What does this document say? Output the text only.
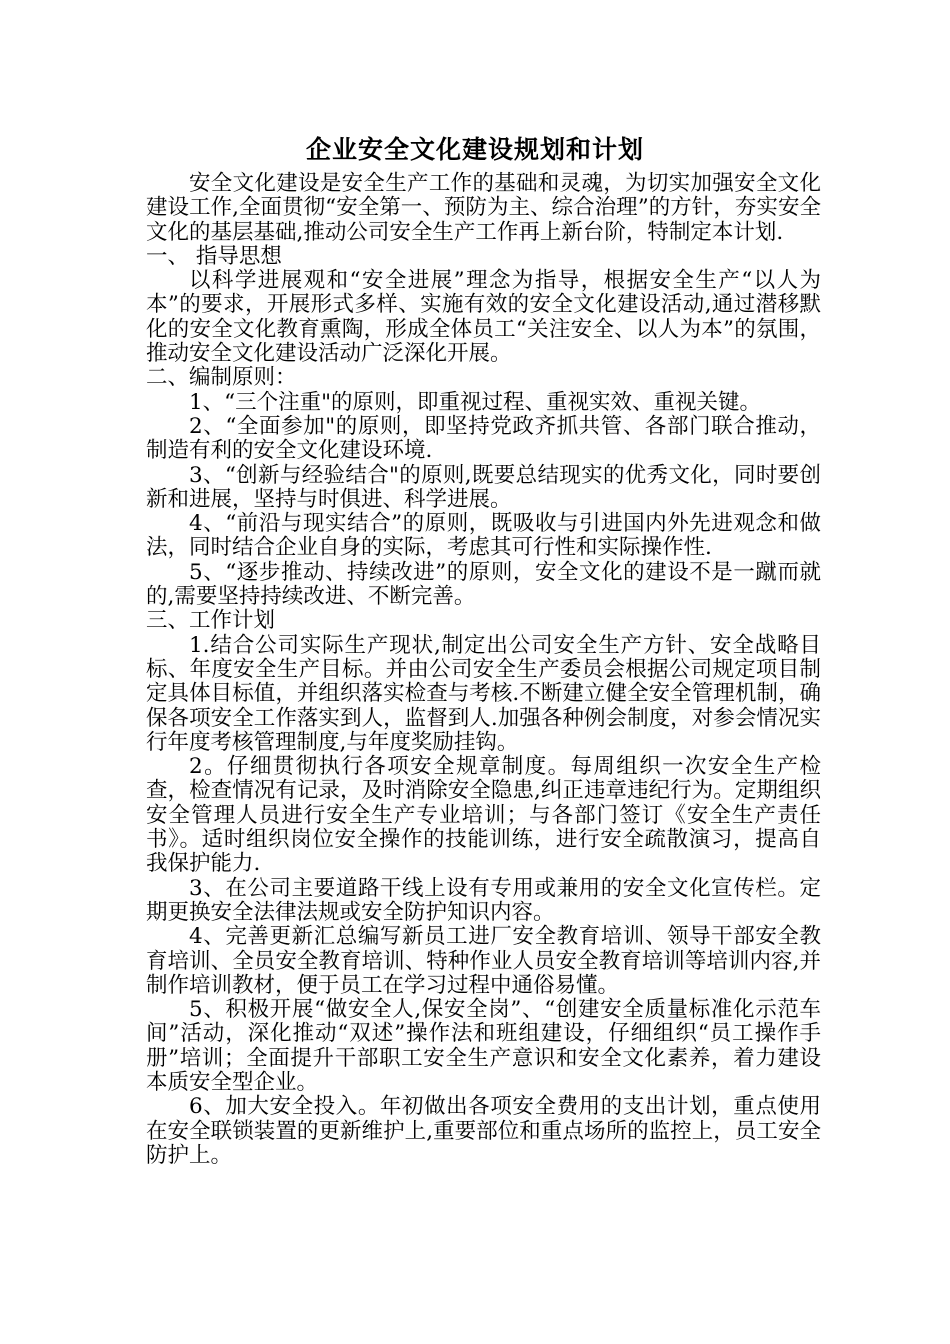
企业安全文化建设规划和计划

安全文化建设是安全生产工作的基础和灵魂，为切实加强安全文化建设工作,全面贯彻“安全第一、预防为主、综合治理”的方针，夯实安全文化的基层基础,推动公司安全生产工作再上新台阶，特制定本计划.

一、 指导思想

以科学进展观和“安全进展”理念为指导，根据安全生产“以人为本”的要求，开展形式多样、实施有效的安全文化建设活动,通过潜移默化的安全文化教育熏陶，形成全体员工“关注安全、以人为本”的氛围，推动安全文化建设活动广泛深化开展。

二、编制原则：

1、“三个注重"的原则，即重视过程、重视实效、重视关键。

2、“全面参加"的原则，即坚持党政齐抓共管、各部门联合推动，制造有利的安全文化建设环境.

3、“创新与经验结合"的原则,既要总结现实的优秀文化，同时要创新和进展，坚持与时俱进、科学进展。

4、“前沿与现实结合”的原则，既吸收与引进国内外先进观念和做法，同时结合企业自身的实际，考虑其可行性和实际操作性.

5、“逐步推动、持续改进”的原则，安全文化的建设不是一蹴而就的,需要坚持持续改进、不断完善。

三、工作计划

1.结合公司实际生产现状,制定出公司安全生产方针、安全战略目标、年度安全生产目标。并由公司安全生产委员会根据公司规定项目制定具体目标值，并组织落实检查与考核.不断建立健全安全管理机制，确保各项安全工作落实到人，监督到人.加强各种例会制度，对参会情况实行年度考核管理制度,与年度奖励挂钩。

2。仔细贯彻执行各项安全规章制度。每周组织一次安全生产检查，检查情况有记录，及时消除安全隐患,纠正违章违纪行为。定期组织安全管理人员进行安全生产专业培训；与各部门签订《安全生产责任书》。适时组织岗位安全操作的技能训练，进行安全疏散演习，提高自我保护能力.

3、在公司主要道路干线上设有专用或兼用的安全文化宣传栏。定期更换安全法律法规或安全防护知识内容。

4、完善更新汇总编写新员工进厂安全教育培训、领导干部安全教育培训、全员安全教育培训、特种作业人员安全教育培训等培训内容,并制作培训教材，便于员工在学习过程中通俗易懂。

5、积极开展“做安全人,保安全岗”、“创建安全质量标准化示范车间”活动，深化推动“双述”操作法和班组建设，仔细组织“员工操作手册”培训；全面提升干部职工安全生产意识和安全文化素养，着力建设本质安全型企业。

6、加大安全投入。年初做出各项安全费用的支出计划，重点使用在安全联锁装置的更新维护上,重要部位和重点场所的监控上，员工安全防护上。
